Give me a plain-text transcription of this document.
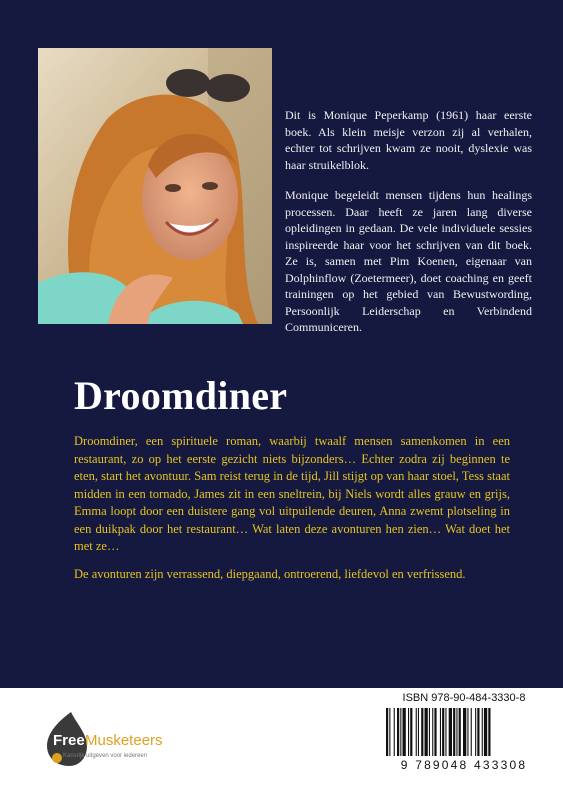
Dit is Monique Peperkamp (1961) haar eerste boek. Als klein meisje verzon zij al verhalen, echter tot schrijven kwam ze nooit, dyslexie was haar struikelblok.

Monique begeleidt mensen tijdens hun healings processen. Daar heeft ze jaren lang diverse opleidingen in gedaan. De vele individuele sessies inspireerde haar voor het schrijven van dit boek. Ze is, samen met Pim Koenen, eigenaar van Dolphinflow (Zoetermeer), doet coaching en geeft trainingen op het gebied van Bewustwording, Persoonlijk Leiderschap en Verbindend Communiceren.

Droomdiner

Droomdiner, een spirituele roman, waarbij twaalf mensen samenkomen in een restaurant, zo op het eerste gezicht niets bijzonders… Echter zodra zij beginnen te eten, start het avontuur. Sam reist terug in de tijd, Jill stijgt op van haar stoel, Tess staat midden in een tornado, James zit in een sneltrein, bij Niels wordt alles grauw en grijs, Emma loopt door een duistere gang vol uitpuilende deuren, Anna zwemt plotseling in een duikpak door het restaurant… Wat laten deze avonturen hen zien… Wat doet het met ze…

De avonturen zijn verrassend, diepgaand, ontroerend, liefdevol en verfrissend.

Free Musketeers
Kansrijk uitgeven voor iedereen
ISBN 978-90-484-3330-8
9 789048 433308
